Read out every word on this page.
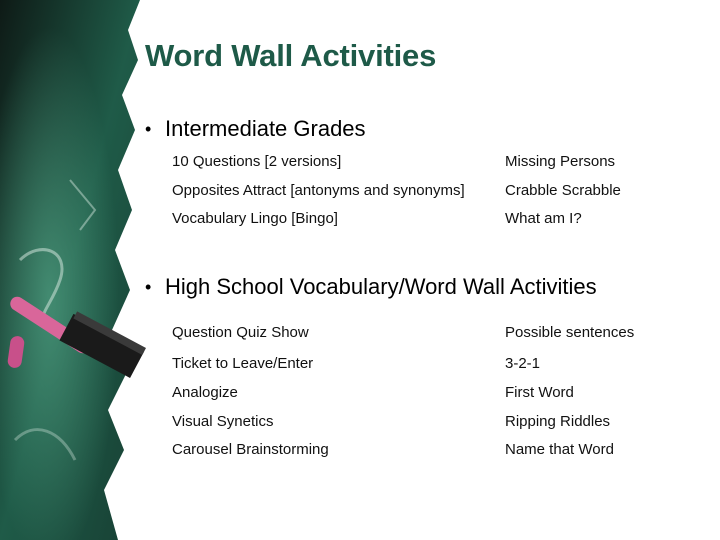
Word Wall Activities
• Intermediate Grades
10 Questions [2 versions]	Missing Persons
Opposites Attract [antonyms and synonyms]	Crabble Scrabble
Vocabulary Lingo [Bingo]	What am I?
• High School Vocabulary/Word Wall Activities
Question Quiz Show	Possible sentences
Ticket to Leave/Enter	3-2-1
Analogize	First Word
Visual Synetics	Ripping Riddles
Carousel Brainstorming	Name that Word
